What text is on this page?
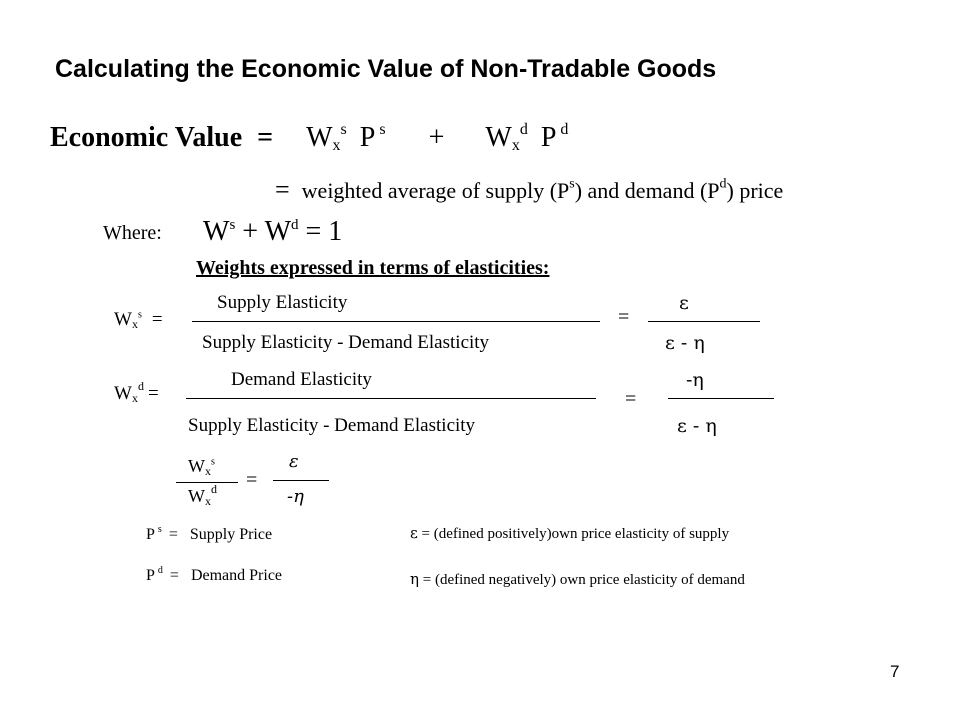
Calculating the Economic Value of Non-Tradable Goods
Economic Value = $W_x^s$ P $^s + W_x^d$ P $^d$
= weighted average of supply $(P^s)$ and demand $(P^d)$ price
Where: $W^s + W^d = 1$
Weights expressed in terms of elasticities:
$W_x^s$ =
Supply Elasticity
Supply Elasticity - Demand Elasticity
=
ε
ε - η
$W_x^d$ =
Demand Elasticity
Supply Elasticity - Demand Elasticity
=
-η
ε - η
$W_x^s$
$W_x^d$ =
ε
-η
P $^s$ = Supply Price
P $^d$ = Demand Price
ε = (defined positively)own price elasticity of supply
η = (defined negatively) own price elasticity of demand
7
